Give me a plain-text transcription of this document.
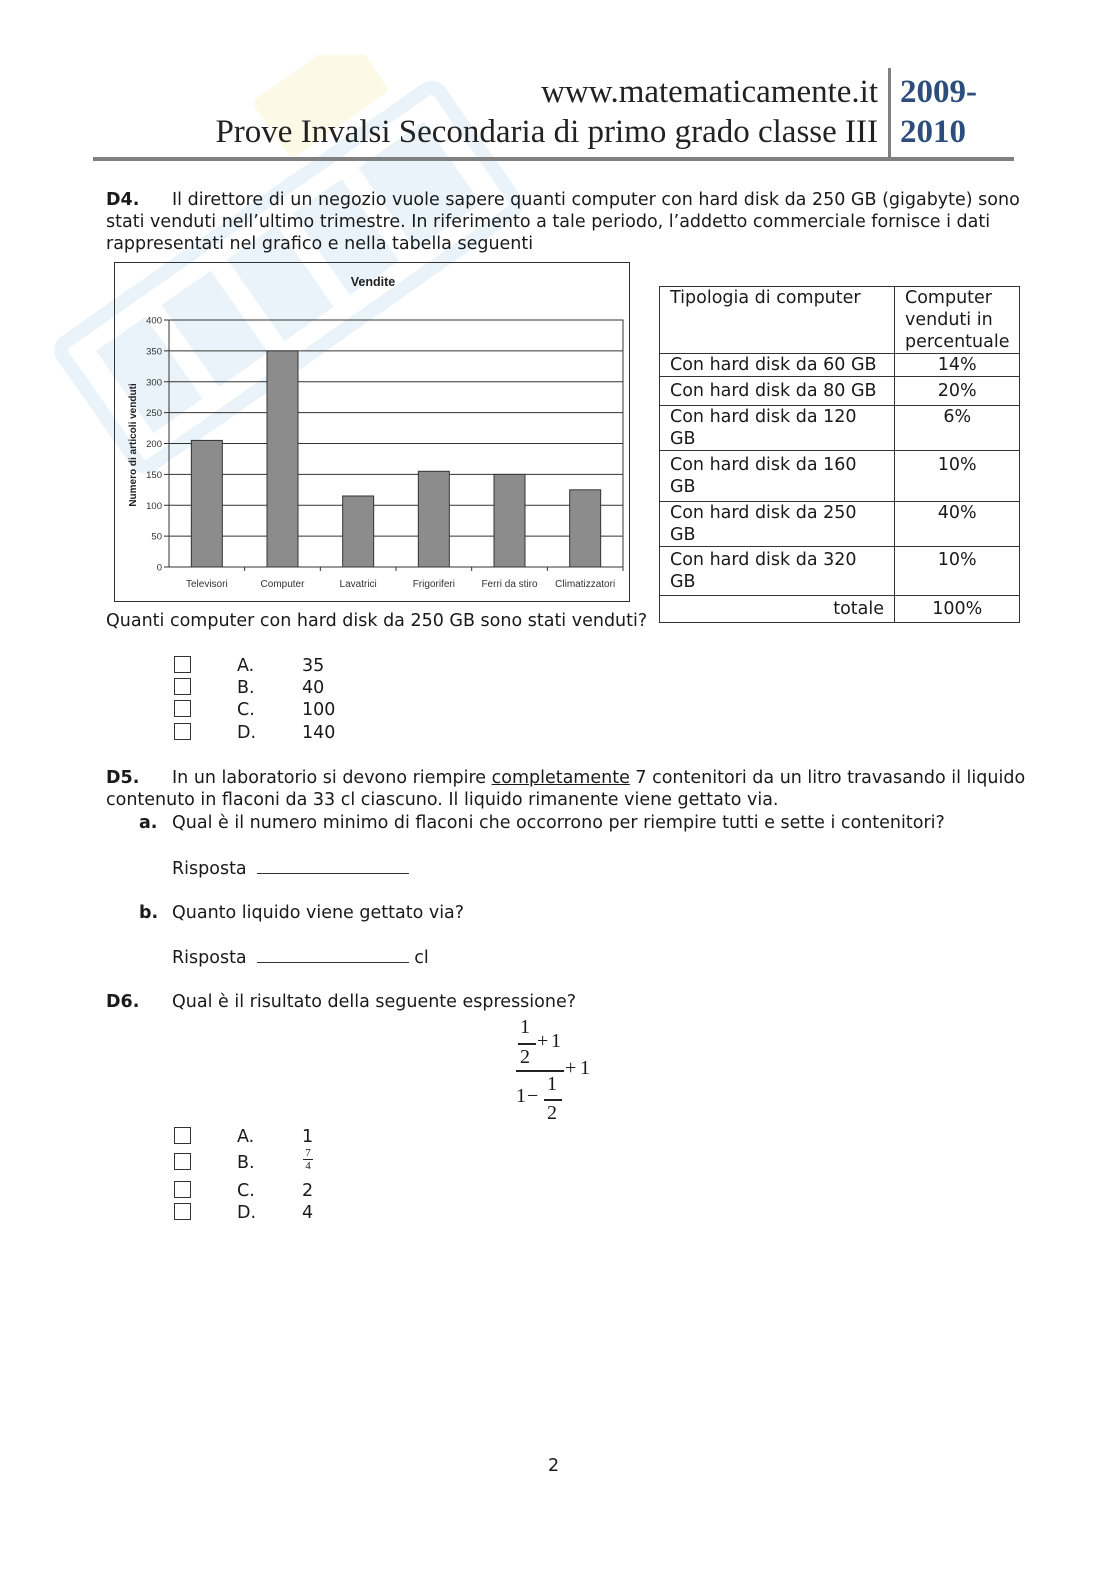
www.matematicamente.it
Prove Invalsi Secondaria di primo grado classe III
2009-
2010
D4. Il direttore di un negozio vuole sapere quanti computer con hard disk da 250 GB (gigabyte) sono
stati venduti nell’ultimo trimestre. In riferimento a tale periodo, l’addetto commerciale fornisce i dati
rappresentati nel grafico e nella tabella seguenti
Vendite
Numero di articoli venduti
0
50
100
150
200
250
300
350
400
Televisori	Computer	Lavatrici	Frigoriferi	Ferri da stiro Climatizzatori
Tipologia di computer	Computer
venduti in
percentuale

Con hard disk da 60 GB	14%
Con hard disk da 80 GB	20%
Con hard disk da 120 GB	6%
Con hard disk da 160 GB	10%
Con hard disk da 250 GB	40%
Con hard disk da 320 GB	10%
totale	100%
Quanti computer con hard disk da 250 GB sono stati venduti?
A.	35
B.	40
C.	100
D.	140
D5. In un laboratorio si devono riempire completamente 7 contenitori da un litro travasando il liquido
contenuto in flaconi da 33 cl ciascuno. Il liquido rimanente viene gettato via.
a. Qual è il numero minimo di flaconi che occorrono per riempire tutti e sette i contenitori?
Risposta
b. Quanto liquido viene gettato via?
Risposta	cl
D6. Qual è il risultato della seguente espressione?
1
2
+ 1
+ 1
1 −
1
2
A.	1
B.	7
4
C.	2
D.	4
2
